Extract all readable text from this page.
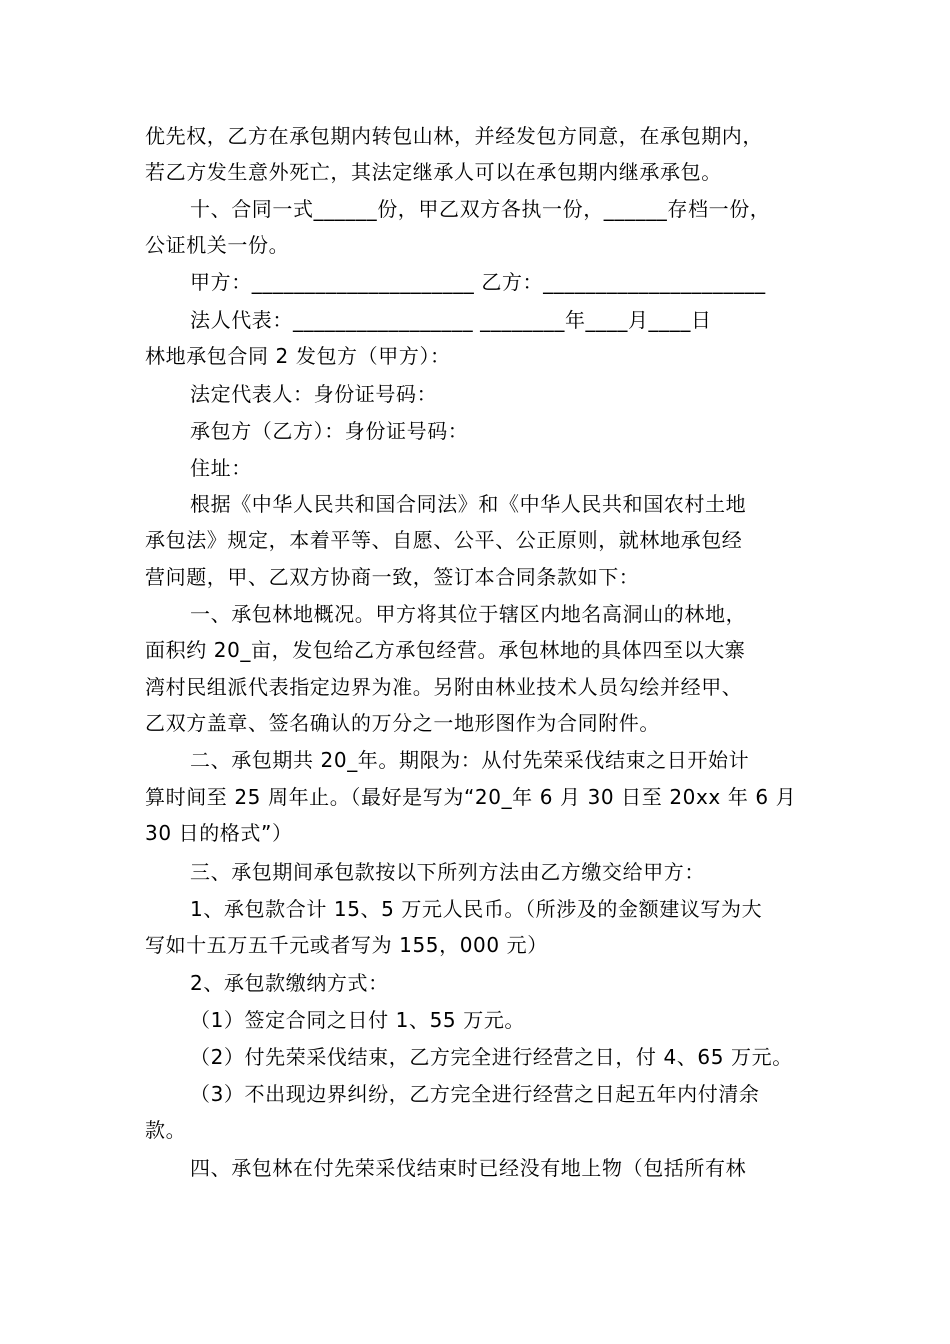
优先权，乙方在承包期内转包山林，并经发包方同意，在承包期内，
若乙方发生意外死亡，其法定继承人可以在承包期内继承承包。
十、合同一式______份，甲乙双方各执一份，______存档一份，
公证机关一份。
甲方：_____________________ 乙方：_____________________
法人代表：_________________ ________年____月____日
林地承包合同 2 发包方（甲方）：
法定代表人：身份证号码：
承包方（乙方）：身份证号码：
住址：
根据《中华人民共和国合同法》和《中华人民共和国农村土地
承包法》规定，本着平等、自愿、公平、公正原则，就林地承包经
营问题，甲、乙双方协商一致，签订本合同条款如下：
一、承包林地概况。甲方将其位于辖区内地名高洞山的林地，
面积约 20_亩，发包给乙方承包经营。承包林地的具体四至以大寨
湾村民组派代表指定边界为准。另附由林业技术人员勾绘并经甲、
乙双方盖章、签名确认的万分之一地形图作为合同附件。
二、承包期共 20_年。期限为：从付先荣采伐结束之日开始计
算时间至 25 周年止。（最好是写为“20_年 6 月 30 日至 20xx 年 6 月
30 日的格式”）
三、承包期间承包款按以下所列方法由乙方缴交给甲方：
1、承包款合计 15、5 万元人民币。（所涉及的金额建议写为大
写如十五万五千元或者写为 155，000 元）
2、承包款缴纳方式：
（1）签定合同之日付 1、55 万元。
（2）付先荣采伐结束，乙方完全进行经营之日，付 4、65 万元。
（3）不出现边界纠纷，乙方完全进行经营之日起五年内付清余
款。
四、承包林在付先荣采伐结束时已经没有地上物（包括所有林
